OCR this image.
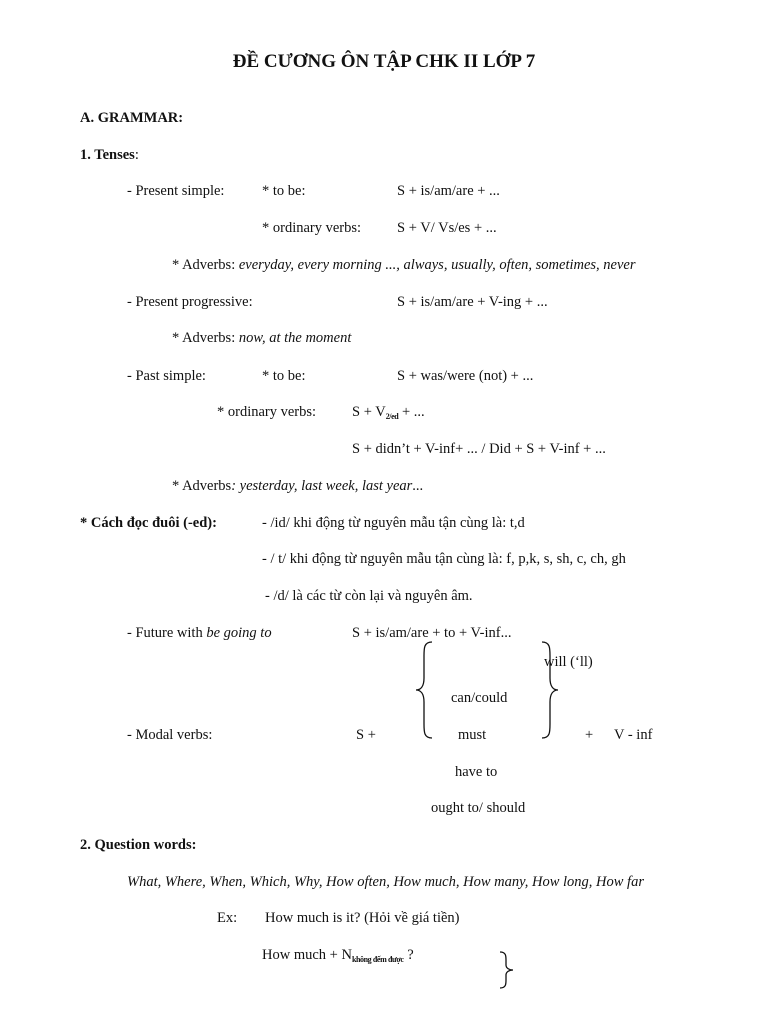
ĐỀ CƯƠNG ÔN TẬP CHK II LỚP 7
A. GRAMMAR:
1. Tenses:
- Present simple:	* to be:	S + is/am/are + ...
* ordinary verbs: S + V/ Vs/es + ...
* Adverbs: everyday, every morning ..., always, usually, often, sometimes, never
- Present progressive:	S + is/am/are + V-ing + ...
* Adverbs: now, at the moment
- Past simple:	* to be:	S + was/were (not) + ...
* ordinary verbs: $S + V_{2/ed}$ + ...
S + didn’t + V-inf+ ... / Did + S + V-inf + ...
* Adverbs: yesterday, last week, last year...
* Cách đọc đuôi (-ed):	- /id/ khi động từ nguyên mẫu tận cùng là: t,d
- / t/ khi động từ nguyên mẫu tận cùng là: f, p,k, s, sh, c, ch, gh
- /d/ là các từ còn lại và nguyên âm.
- Future with be going to	S + is/am/are + to + V-inf...
- Modal verbs:	S +
will (‘ll)
can/could
must
have to
ought to/ should
+ V - inf
2. Question words:
What, Where, When, Which, Why, How often, How much, How many, How long, How far
Ex: How much is it? (Hỏi về giá tiền)
How much + $N_{không đếm được}$ ?
